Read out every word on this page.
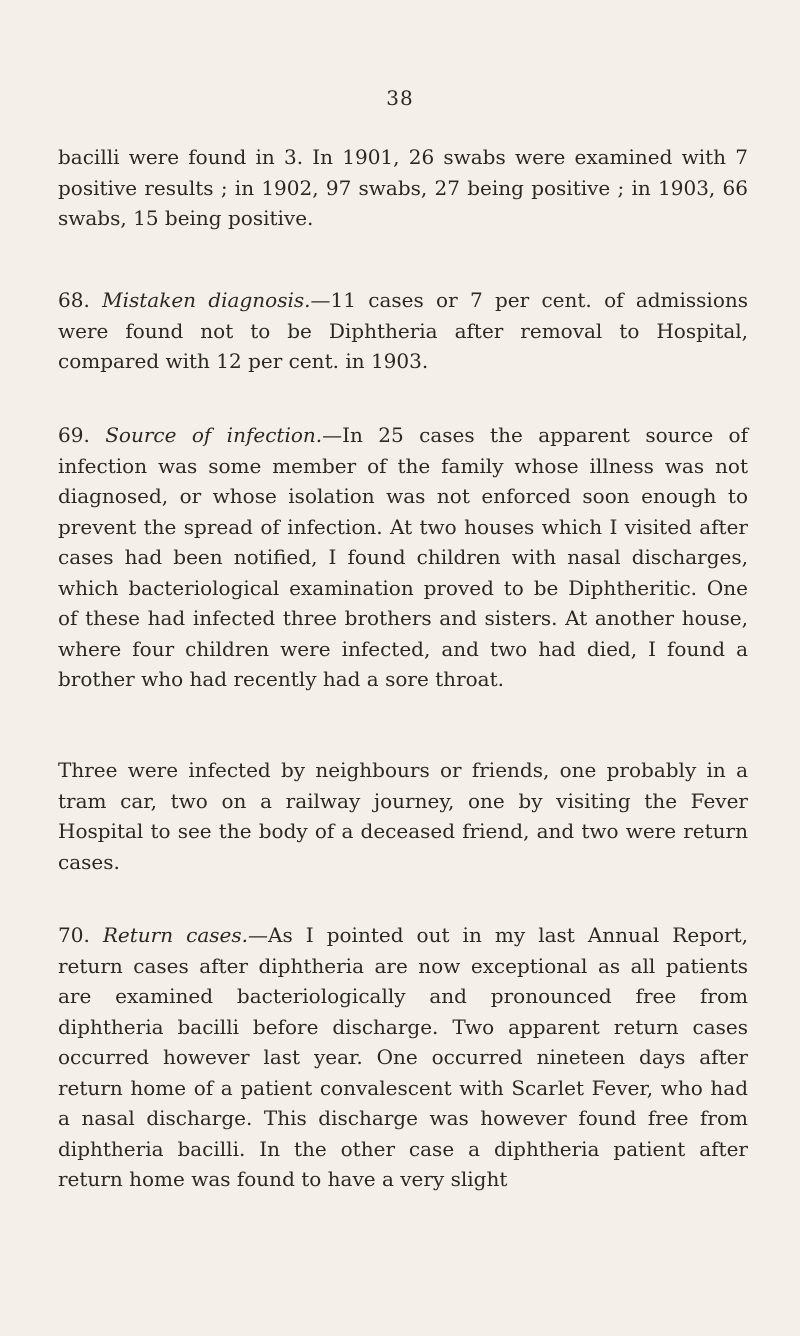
38

bacilli were found in 3. In 1901, 26 swabs were examined with 7 positive results ; in 1902, 97 swabs, 27 being positive ; in 1903, 66 swabs, 15 being positive.

68. Mistaken diagnosis.—11 cases or 7 per cent. of admissions were found not to be Diphtheria after removal to Hospital, compared with 12 per cent. in 1903.

69. Source of infection.—In 25 cases the apparent source of infection was some member of the family whose illness was not diagnosed, or whose isolation was not enforced soon enough to prevent the spread of infection. At two houses which I visited after cases had been notified, I found children with nasal discharges, which bacteriological examination proved to be Diphtheritic. One of these had infected three brothers and sisters. At another house, where four children were infected, and two had died, I found a brother who had recently had a sore throat.

Three were infected by neighbours or friends, one probably in a tram car, two on a railway journey, one by visiting the Fever Hospital to see the body of a deceased friend, and two were return cases.

70. Return cases.—As I pointed out in my last Annual Report, return cases after diphtheria are now exceptional as all patients are examined bacteriologically and pronounced free from diphtheria bacilli before discharge. Two apparent return cases occurred however last year. One occurred nineteen days after return home of a patient convalescent with Scarlet Fever, who had a nasal discharge. This discharge was however found free from diphtheria bacilli. In the other case a diphtheria patient after return home was found to have a very slight
